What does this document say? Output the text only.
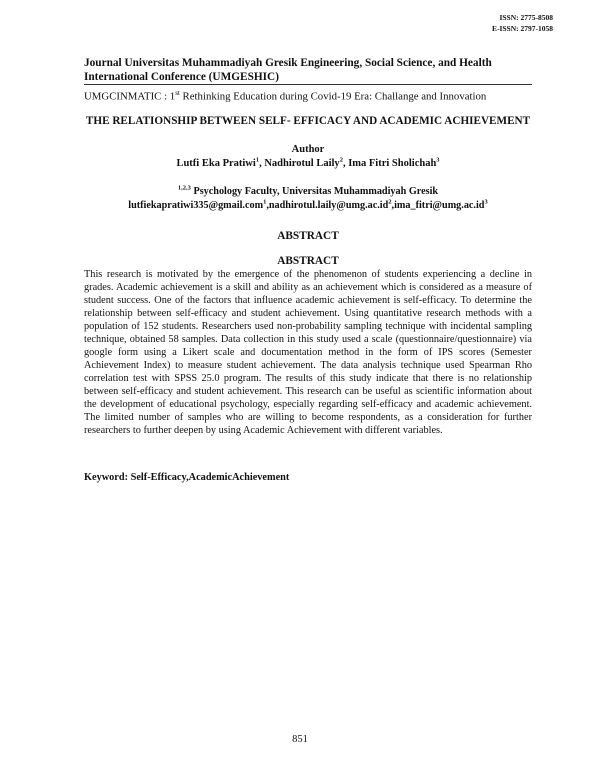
ISSN: 2775-8508
E-ISSN: 2797-1058
Journal Universitas Muhammadiyah Gresik Engineering, Social Science, and Health International Conference (UMGESHIC)
UMGCINMATIC : 1st Rethinking Education during Covid-19 Era: Challange and Innovation
THE RELATIONSHIP BETWEEN SELF- EFFICACY AND ACADEMIC ACHIEVEMENT
Author
Lutfi Eka Pratiwi$^1$, Nadhirotul Laily$^2$, Ima Fitri Sholichah$^3$
$^{1,2,3}$ Psychology Faculty, Universitas Muhammadiyah Gresik
$lutfiekapratiwi335@gmail.com^1,nadhirotul.laily@umg.ac.id^2,ima\_fitri@umg.ac.id^3$
ABSTRACT
ABSTRACT
This research is motivated by the emergence of the phenomenon of students experiencing a decline in grades. Academic achievement is a skill and ability as an achievement which is considered as a measure of student success. One of the factors that influence academic achievement is self-efficacy. To determine the relationship between self-efficacy and student achievement. Using quantitative research methods with a population of 152 students. Researchers used non-probability sampling technique with incidental sampling technique, obtained 58 samples. Data collection in this study used a scale (questionnaire/questionnaire) via google form using a Likert scale and documentation method in the form of IPS scores (Semester Achievement Index) to measure student achievement. The data analysis technique used Spearman Rho correlation test with SPSS 25.0 program. The results of this study indicate that there is no relationship between self-efficacy and student achievement. This research can be useful as scientific information about the development of educational psychology, especially regarding self-efficacy and academic achievement. The limited number of samples who are willing to become respondents, as a consideration for further researchers to further deepen by using Academic Achievement with different variables.
Keyword: Self-Efficacy,AcademicAchievement
851
